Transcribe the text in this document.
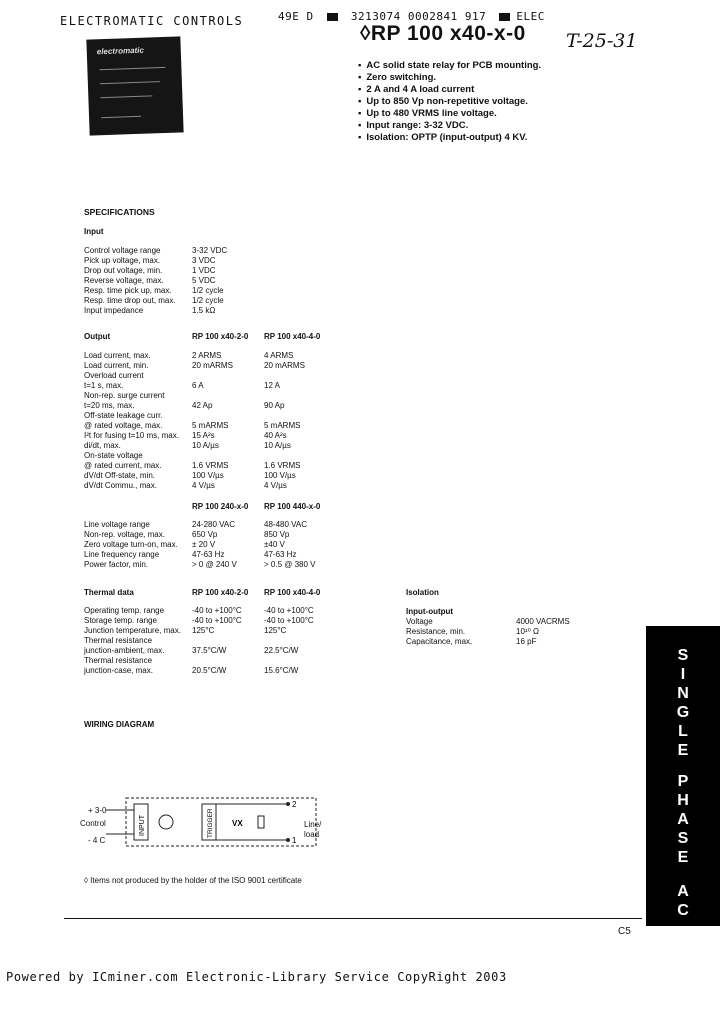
ELECTROMATIC CONTROLS	49E D	3213074 0002841 917	ELEC
◊RP 100 x40-x-0 T-25-31
electromatic
▪ AC solid state relay for PCB mounting.
▪ Zero switching.
▪ 2 A and 4 A load current
▪ Up to 850 Vp non-repetitive voltage.
▪ Up to 480 VRMS line voltage.
▪ Input range: 3-32 VDC.
▪ Isolation: OPTP (input-output) 4 KV.
SPECIFICATIONS
Input
Control voltage range	3-32 VDC
Pick up voltage, max.	3 VDC
Drop out voltage, min.	1 VDC
Reverse voltage, max.	5 VDC
Resp. time pick up, max.	1/2 cycle
Resp. time drop out, max. 1/2 cycle
Input impedance	1.5 kΩ
Output	RP 100 x40-2-0 RP 100 x40-4-0
Load current, max.	2 ARMS	4 ARMS
Load current, min.	20 mARMS	20 mARMS
Overload current
t=1 s, max.	6 A	12 A
Non-rep. surge current
t=20 ms, max.	42 Ap	90 Ap
Off-state leakage curr.
@ rated voltage, max.	5 mARMS	5 mARMS
I²t for fusing t=10 ms, max. 15 A²s	40 A²s
di/dt, max.	10 A/µs	10 A/µs
On-state voltage
@ rated current, max.	1.6 VRMS	1.6 VRMS
dV/dt Off-state, min.	100 V/µs	100 V/µs
dV/dt Commu., max.	4 V/µs	4 V/µs
RP 100 240-x-0 RP 100 440-x-0
Line voltage range	24-280 VAC	48-480 VAC
Non-rep. voltage, max.	650 Vp	850 Vp
Zero voltage turn-on, max. ± 20 V	±40 V
Line frequency range	47-63 Hz	47-63 Hz
Power factor, min.	> 0 @ 240 V	> 0.5 @ 380 V
Thermal data	RP 100 x40-2-0 RP 100 x40-4-0
Operating temp. range	-40 to +100°C	-40 to +100°C
Storage temp. range	-40 to +100°C	-40 to +100°C
Junction temperature, max. 125°C	125°C
Thermal resistance
junction-ambient, max.	37.5°C/W	22.5°C/W
Thermal resistance
junction-case, max.	20.5°C/W	15.6°C/W
Isolation
Input-output
Voltage	4000 VACRMS
Resistance, min.	10¹⁰ Ω
Capacitance, max.	16 pF
WIRING DIAGRAM
INPUT	TRIGGER VX
2
1
+ 3-0
Control
- 4 C
Line/
load
◊ Items not produced by the holder of the ISO 9001 certificate
S
I
N
G
L
E
P
H
A
S
E
A
C
C5
Powered by ICminer.com Electronic-Library Service CopyRight 2003
